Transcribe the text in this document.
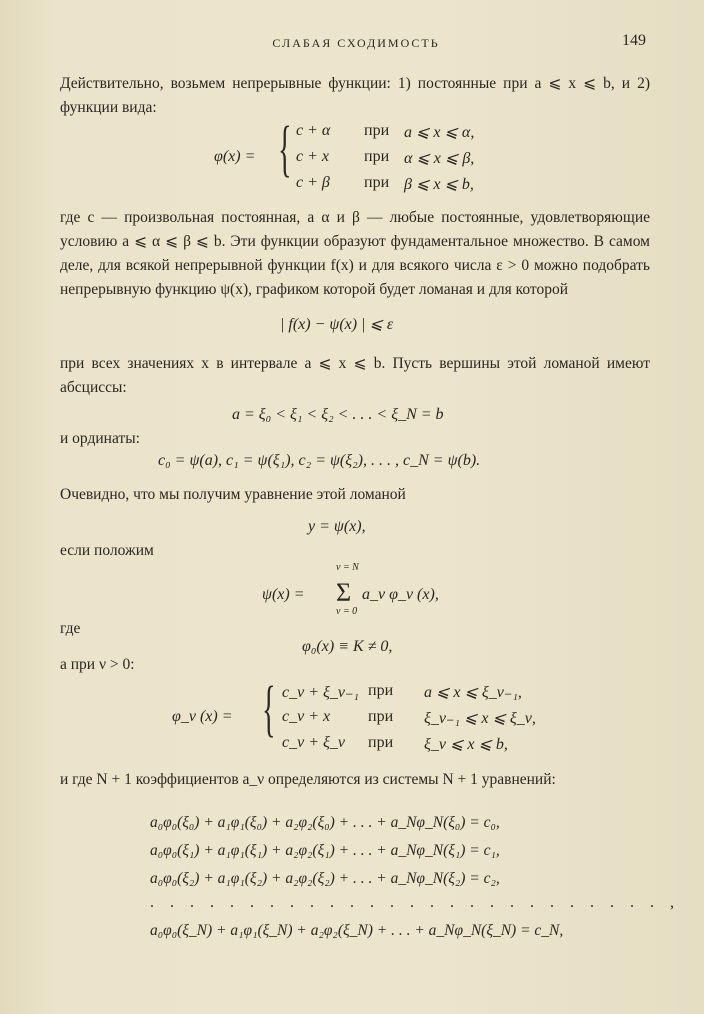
СЛАБАЯ СХОДИМОСТЬ	149
Действительно, возьмем непрерывные функции: 1) постоянные при a ⩽ x ⩽ b, и 2) функции вида:
φ(x) = { c + α при a ⩽ x ⩽ α,
c + x при α ⩽ x ⩽ β,
c + β при β ⩽ x ⩽ b,
где c — произвольная постоянная, а α и β — любые постоянные, удовлетворяющие условию a ⩽ α ⩽ β ⩽ b. Эти функции образуют фундаментальное множество. В самом деле, для всякой непрерывной функции f(x) и для всякого числа ε > 0 можно подобрать непрерывную функцию ψ(x), графиком которой будет ломаная и для которой
| f(x) − ψ(x) | ⩽ ε
при всех значениях x в интервале a ⩽ x ⩽ b. Пусть вершины этой ломаной имеют абсциссы:
a = ξ₀ < ξ₁ < ξ₂ < . . . < ξ_N = b
и ординаты:
c₀ = ψ(a), c₁ = ψ(ξ₁), c₂ = ψ(ξ₂), . . . , c_N = ψ(b).
Очевидно, что мы получим уравнение этой ломаной
y = ψ(x),
если положим
ψ(x) =
ν = N
Σ
ν = 0
a_ν φ_ν (x),
где
φ₀(x) ≡ K ≠ 0,
а при ν > 0:
φ_ν (x) = { c_ν + ξ_ν₋₁ при a ⩽ x ⩽ ξ_ν₋₁,
c_ν + x при ξ_ν₋₁ ⩽ x ⩽ ξ_ν,
c_ν + ξ_ν при ξ_ν ⩽ x ⩽ b,
и где N + 1 коэффициентов a_ν определяются из системы N + 1 уравнений:
a₀φ₀(ξ₀) + a₁φ₁(ξ₀) + a₂φ₂(ξ₀) + . . . + a_Nφ_N(ξ₀) = c₀,
a₀φ₀(ξ₁) + a₁φ₁(ξ₁) + a₂φ₂(ξ₁) + . . . + a_Nφ_N(ξ₁) = c₁,
a₀φ₀(ξ₂) + a₁φ₁(ξ₂) + a₂φ₂(ξ₂) + . . . + a_Nφ_N(ξ₂) = c₂,
. . . . . . . . . . . . . . . . . . . . . . . . . . ,
a₀φ₀(ξ_N) + a₁φ₁(ξ_N) + a₂φ₂(ξ_N) + . . . + a_Nφ_N(ξ_N) = c_N,
